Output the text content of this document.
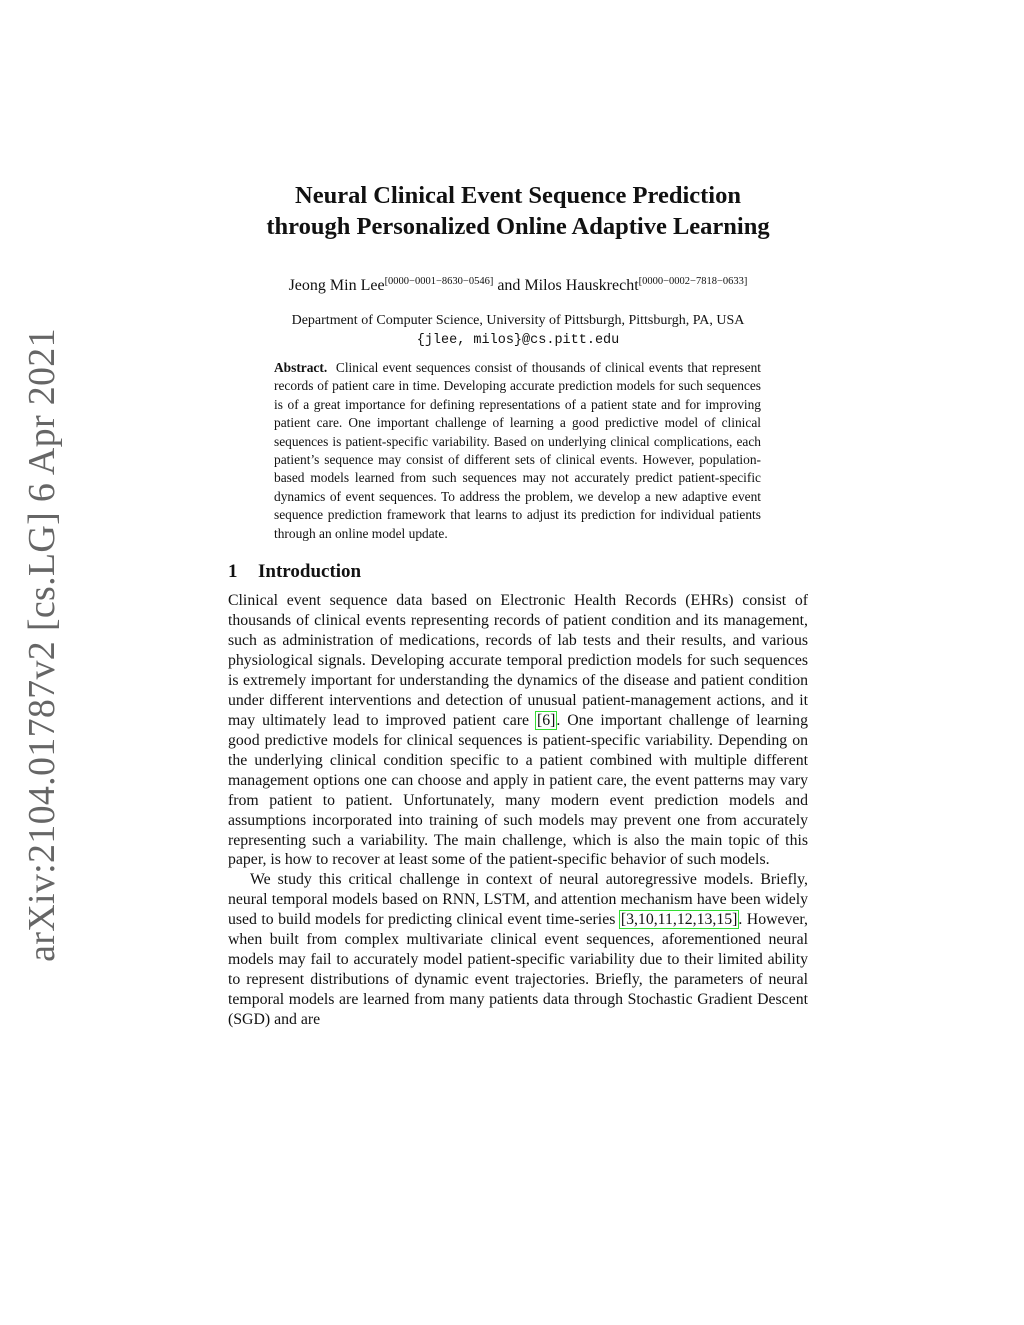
arXiv:2104.01787v2 [cs.LG] 6 Apr 2021
Neural Clinical Event Sequence Prediction
through Personalized Online Adaptive Learning
Jeong Min Lee[0000−0001−8630−0546] and Milos Hauskrecht[0000−0002−7818−0633]
Department of Computer Science, University of Pittsburgh, Pittsburgh, PA, USA
{jlee, milos}@cs.pitt.edu
Abstract. Clinical event sequences consist of thousands of clinical events that represent records of patient care in time. Developing accurate prediction models for such sequences is of a great importance for defining representations of a patient state and for improving patient care. One important challenge of learning a good predictive model of clinical sequences is patient-specific variability. Based on underlying clinical complications, each patient’s sequence may consist of different sets of clinical events. However, population-based models learned from such sequences may not accurately predict patient-specific dynamics of event sequences. To address the problem, we develop a new adaptive event sequence prediction framework that learns to adjust its prediction for individual patients through an online model update.
1 Introduction

Clinical event sequence data based on Electronic Health Records (EHRs) consist of thousands of clinical events representing records of patient condition and its management, such as administration of medications, records of lab tests and their results, and various physiological signals. Developing accurate temporal prediction models for such sequences is extremely important for understanding the dynamics of the disease and patient condition under different interventions and detection of unusual patient-management actions, and it may ultimately lead to improved patient care [6]. One important challenge of learning good predictive models for clinical sequences is patient-specific variability. Depending on the underlying clinical condition specific to a patient combined with multiple different management options one can choose and apply in patient care, the event patterns may vary from patient to patient. Unfortunately, many modern event prediction models and assumptions incorporated into training of such models may prevent one from accurately representing such a variability. The main challenge, which is also the main topic of this paper, is how to recover at least some of the patient-specific behavior of such models.

We study this critical challenge in context of neural autoregressive models. Briefly, neural temporal models based on RNN, LSTM, and attention mechanism have been widely used to build models for predicting clinical event time-series [3,10,11,12,13,15]. However, when built from complex multivariate clinical event sequences, aforementioned neural models may fail to accurately model patient-specific variability due to their limited ability to represent distributions of dynamic event trajectories. Briefly, the parameters of neural temporal models are learned from many patients data through Stochastic Gradient Descent (SGD) and are
